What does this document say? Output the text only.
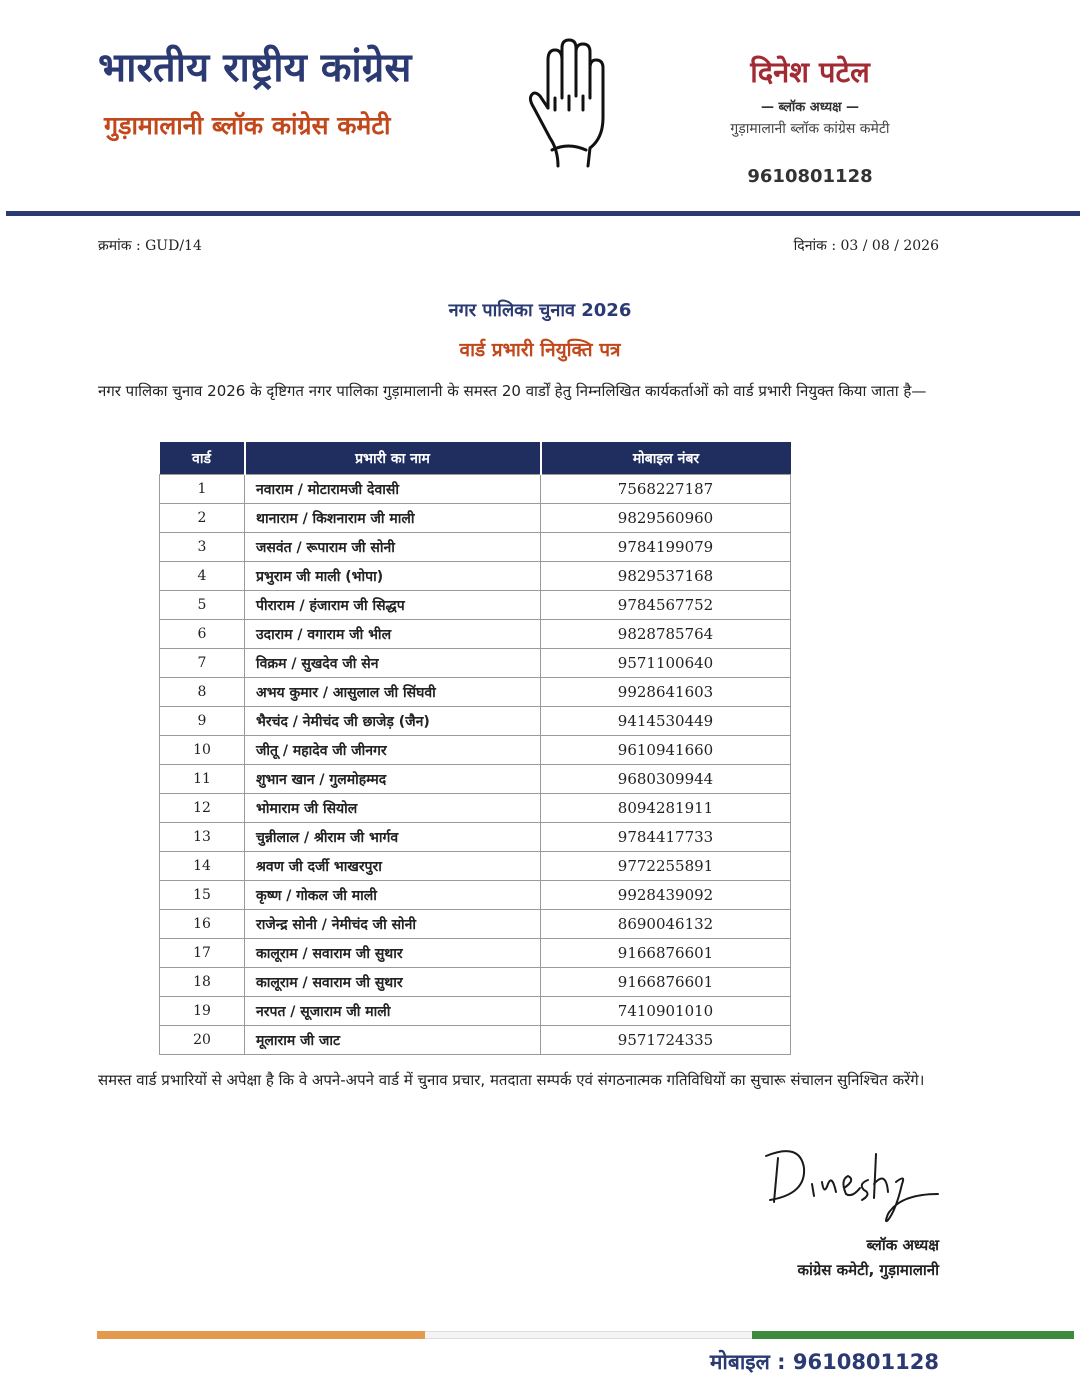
भारतीय राष्ट्रीय कांग्रेस
गुड़ामालानी ब्लॉक कांग्रेस कमेटी
दिनेश पटेल
— ब्लॉक अध्यक्ष —
गुड़ामालानी ब्लॉक कांग्रेस कमेटी
9610801128
क्रमांक : GUD/14	दिनांक : 03 / 08 / 2026
नगर पालिका चुनाव 2026
वार्ड प्रभारी नियुक्ति पत्र
नगर पालिका चुनाव 2026 के दृष्टिगत नगर पालिका गुड़ामालानी के समस्त 20 वार्डों हेतु निम्नलिखित कार्यकर्ताओं को वार्ड प्रभारी नियुक्त किया जाता है—
वार्ड	प्रभारी का नाम	मोबाइल नंबर
1	नवाराम / मोटारामजी देवासी	7568227187
2	थानाराम / किशनाराम जी माली	9829560960
3	जसवंत / रूपाराम जी सोनी	9784199079
4	प्रभुराम जी माली (भोपा)	9829537168
5	पीराराम / हंजाराम जी सिद्धप	9784567752
6	उदाराम / वगाराम जी भील	9828785764
7	विक्रम / सुखदेव जी सेन	9571100640
8	अभय कुमार / आसुलाल जी सिंघवी	9928641603
9	भैरचंद / नेमीचंद जी छाजेड़ (जैन)	9414530449
10	जीतू / महादेव जी जीनगर	9610941660
11	शुभान खान / गुलमोहम्मद	9680309944
12	भोमाराम जी सियोल	8094281911
13	चुन्नीलाल / श्रीराम जी भार्गव	9784417733
14	श्रवण जी दर्जी भाखरपुरा	9772255891
15	कृष्ण / गोकल जी माली	9928439092
16	राजेन्द्र सोनी / नेमीचंद जी सोनी	8690046132
17	कालूराम / सवाराम जी सुथार	9166876601
18	कालूराम / सवाराम जी सुथार	9166876601
19	नरपत / सूजाराम जी माली	7410901010
20	मूलाराम जी जाट	9571724335
समस्त वार्ड प्रभारियों से अपेक्षा है कि वे अपने-अपने वार्ड में चुनाव प्रचार, मतदाता सम्पर्क एवं संगठनात्मक गतिविधियों का सुचारू संचालन सुनिश्चित करेंगे।
ब्लॉक अध्यक्ष
कांग्रेस कमेटी, गुड़ामालानी
मोबाइल : 9610801128
